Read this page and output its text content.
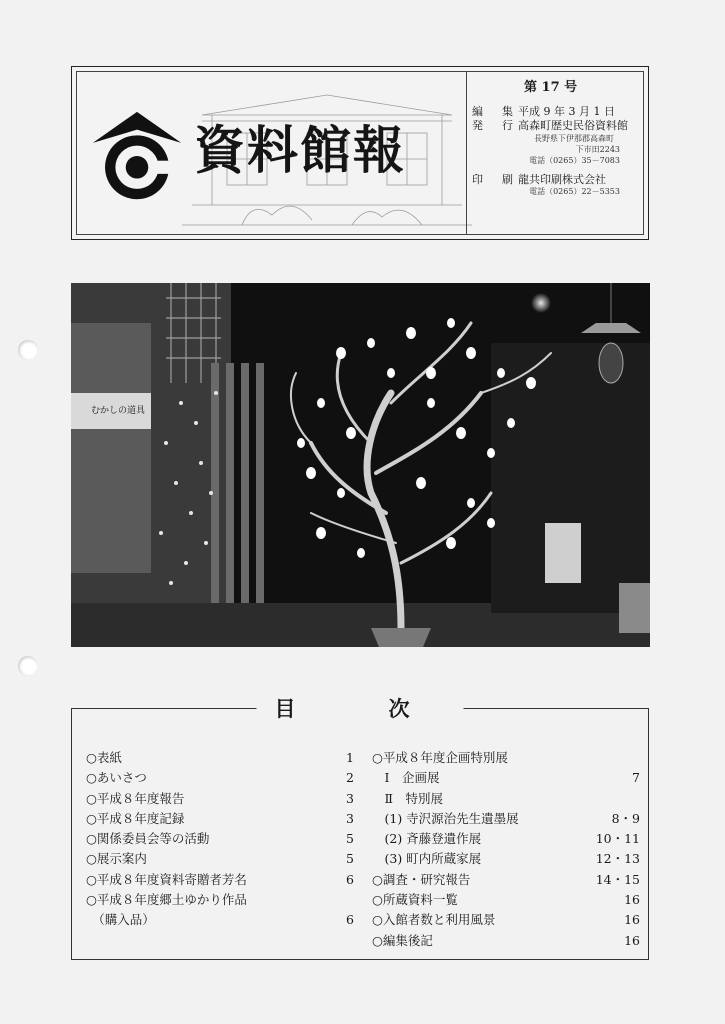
資料館報
第 17 号
編　集 平成 9 年 3 月 1 日
発　行 高森町歴史民俗資料館
長野県下伊那郡高森町
下市田2243
電話（0265）35－7083
印　刷 龍共印刷株式会社
電話（0265）22－5353
むかしの道具
目　次
○表紙	1
○あいさつ	2
○平成８年度報告	3
○平成８年度記録	3
○関係委員会等の活動	5
○展示案内	5
○平成８年度資料寄贈者芳名	6
○平成８年度郷土ゆかり作品
　（購入品）	6
○平成８年度企画特別展
　Ⅰ　企画展	7
　Ⅱ　特別展
　(1) 寺沢源治先生遺墨展	8・9
　(2) 斉藤登遺作展	10・11
　(3) 町内所蔵家展	12・13
○調査・研究報告	14・15
○所蔵資料一覧	16
○入館者数と利用風景	16
○編集後記	16
